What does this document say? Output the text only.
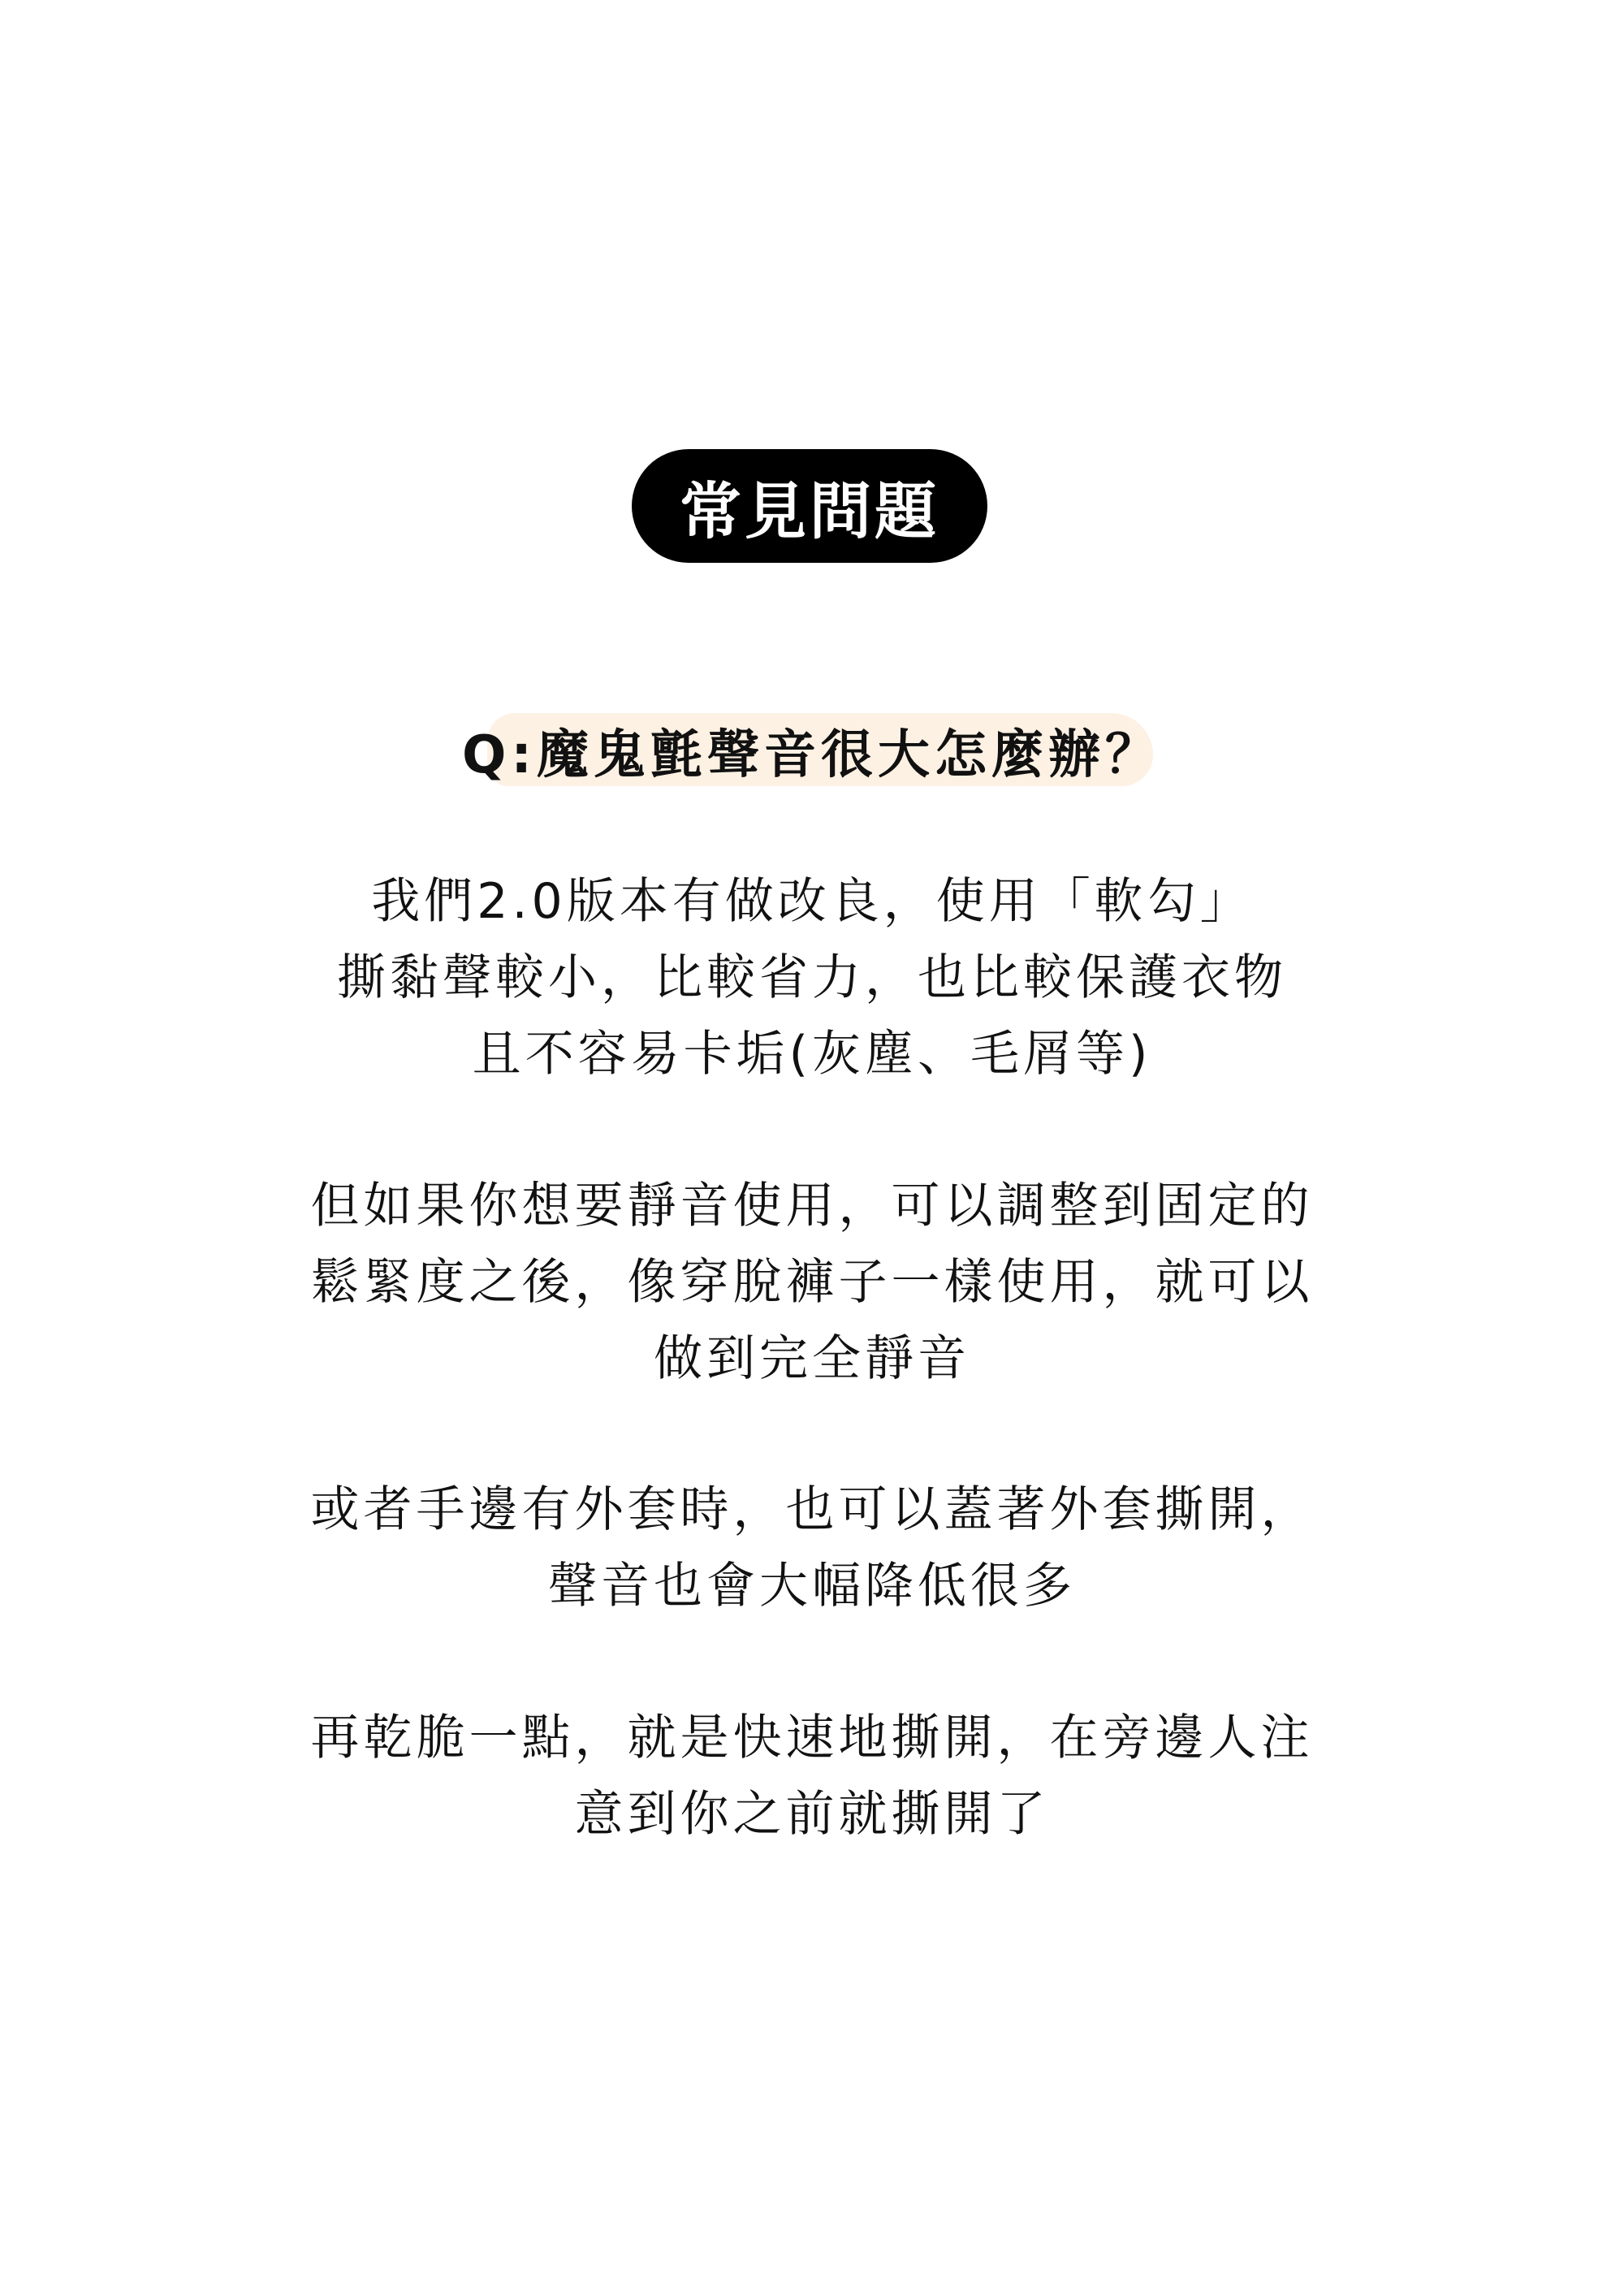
常見問題
Q:魔鬼氈聲音很大怎麼辦？
我們2.0版本有做改良，使用「軟勾」
撕黏聲較小，比較省力，也比較保護衣物
且不容易卡垢(灰塵、毛屑等)
但如果你想要靜音使用，可以調整到固定的
鬆緊度之後，像穿脫褲子一樣使用，就可以
做到完全靜音
或者手邊有外套時，也可以蓋著外套撕開，
聲音也會大幅降低很多
再乾脆一點，就是快速地撕開，在旁邊人注
意到你之前就撕開了
